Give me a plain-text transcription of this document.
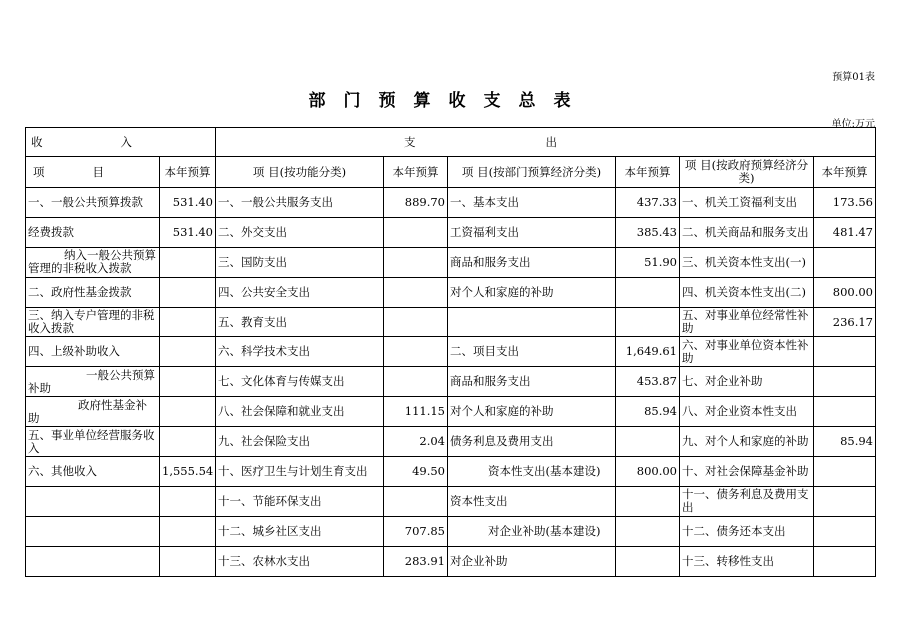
预算01表
部门预算收支总表
单位:万元
收入		支出					
项目	本年预算	项 目(按功能分类)	本年预算	项 目(按部门预算经济分类)	本年预算	项 目(按政府预算经济分类)	本年预算
一、一般公共预算拨款	531.40	一、一般公共服务支出	889.70	一、基本支出	437.33	一、机关工资福利支出	173.56
经费拨款	531.40	二、外交支出		工资福利支出	385.43	二、机关商品和服务支出	481.47
纳入一般公共预算管理的非税收入拨款		三、国防支出		商品和服务支出	51.90	三、机关资本性支出(一)	
二、政府性基金拨款		四、公共安全支出		对个人和家庭的补助		四、机关资本性支出(二)	800.00
三、纳入专户管理的非税收入拨款		五、教育支出				五、对事业单位经常性补助	236.17
四、上级补助收入		六、科学技术支出		二、项目支出	1,649.61	六、对事业单位资本性补助	
一般公共预算补助		七、文化体育与传媒支出		商品和服务支出	453.87	七、对企业补助	
政府性基金补助		八、社会保障和就业支出	111.15	对个人和家庭的补助	85.94	八、对企业资本性支出	
五、事业单位经营服务收入		九、社会保险支出	2.04	债务利息及费用支出		九、对个人和家庭的补助	85.94
六、其他收入	1,555.54	十、医疗卫生与计划生育支出	49.50	资本性支出(基本建设)	800.00	十、对社会保障基金补助	
		十一、节能环保支出		资本性支出		十一、债务利息及费用支出	
		十二、城乡社区支出	707.85	对企业补助(基本建设)		十二、债务还本支出	
		十三、农林水支出	283.91	对企业补助		十三、转移性支出	
